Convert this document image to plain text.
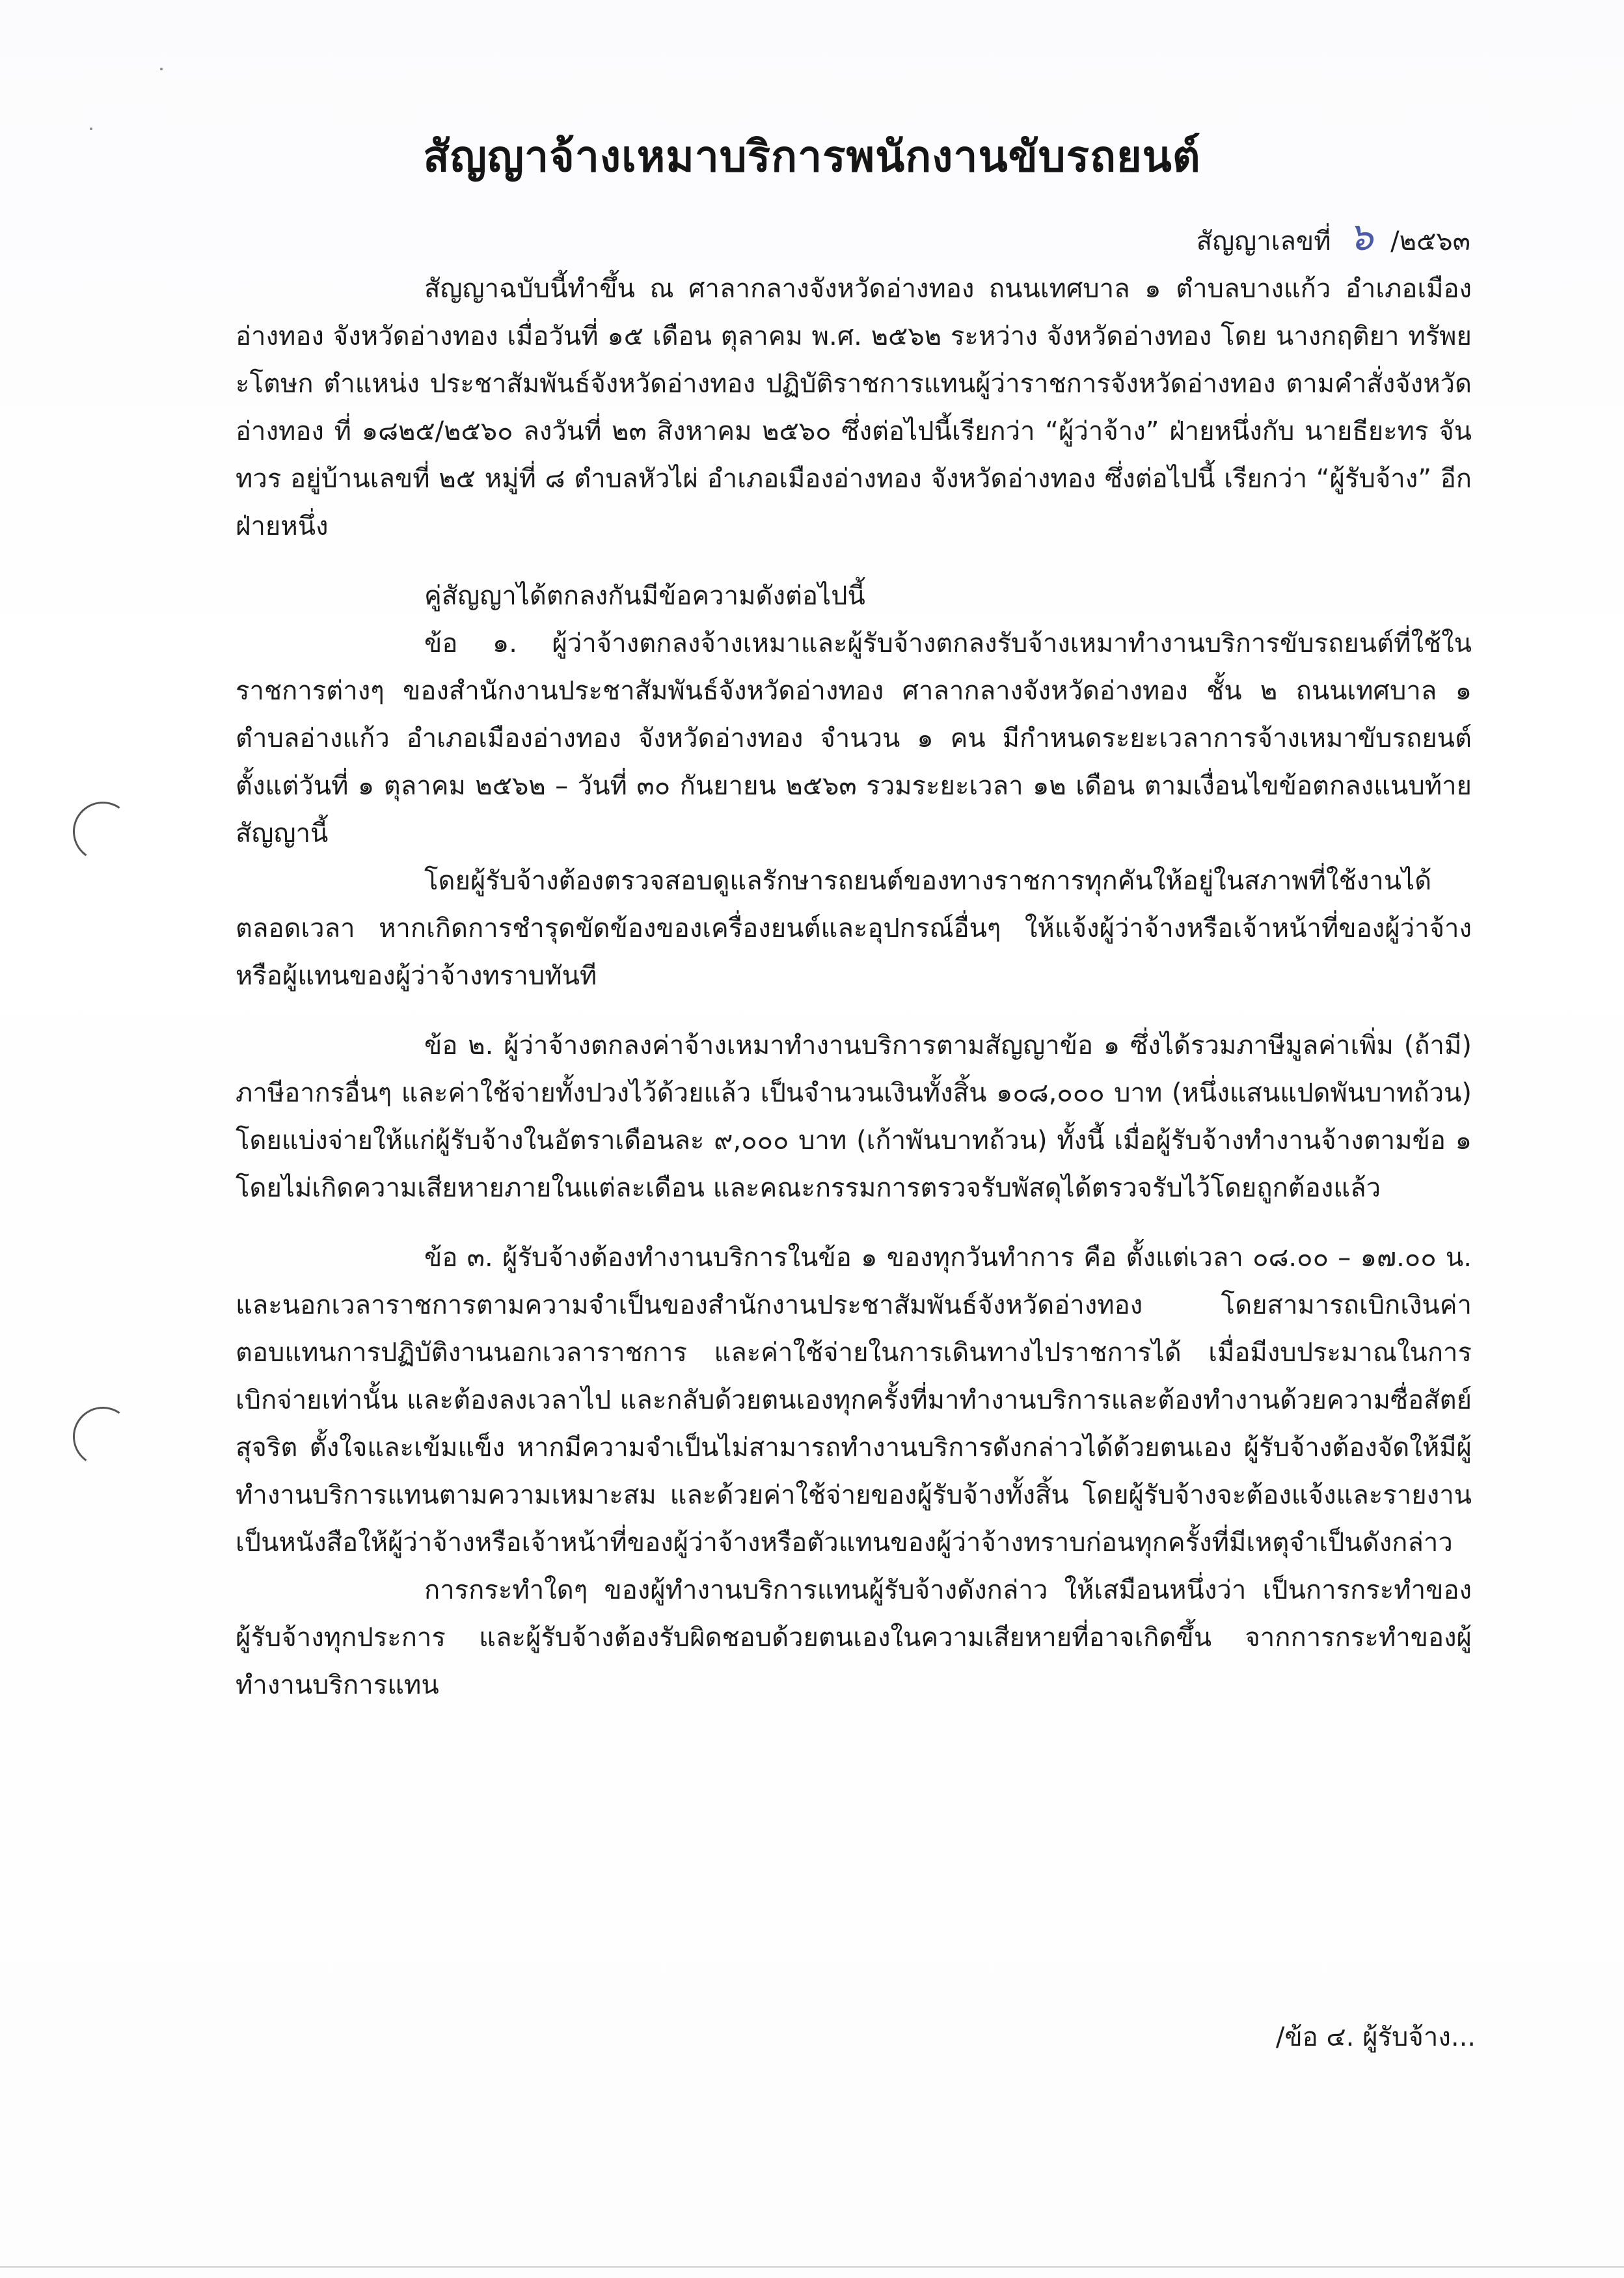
สัญญาจ้างเหมาบริการพนักงานขับรถยนต์
สัญญาเลขที่ ๖ /๒๕๖๓

สัญญาฉบับนี้ทำขึ้น ณ ศาลากลางจังหวัดอ่างทอง ถนนเทศบาล ๑ ตำบลบางแก้ว อำเภอเมืองอ่างทอง จังหวัดอ่างทอง เมื่อวันที่ ๑๕ เดือน ตุลาคม พ.ศ. ๒๕๖๒ ระหว่าง จังหวัดอ่างทอง โดย นางกฤติยา ทรัพยะโตษก ตำแหน่ง ประชาสัมพันธ์จังหวัดอ่างทอง ปฏิบัติราชการแทนผู้ว่าราชการจังหวัดอ่างทอง ตามคำสั่งจังหวัดอ่างทอง ที่ ๑๘๒๕/๒๕๖๐ ลงวันที่ ๒๓ สิงหาคม ๒๕๖๐ ซึ่งต่อไปนี้เรียกว่า “ผู้ว่าจ้าง” ฝ่ายหนึ่งกับ นายธียะทร จันทวร อยู่บ้านเลขที่ ๒๕ หมู่ที่ ๘ ตำบลหัวไผ่ อำเภอเมืองอ่างทอง จังหวัดอ่างทอง ซึ่งต่อไปนี้ เรียกว่า “ผู้รับจ้าง” อีกฝ่ายหนึ่ง

คู่สัญญาได้ตกลงกันมีข้อความดังต่อไปนี้

ข้อ ๑. ผู้ว่าจ้างตกลงจ้างเหมาและผู้รับจ้างตกลงรับจ้างเหมาทำงานบริการขับรถยนต์ที่ใช้ในราชการต่างๆ ของสำนักงานประชาสัมพันธ์จังหวัดอ่างทอง ศาลากลางจังหวัดอ่างทอง ชั้น ๒ ถนนเทศบาล ๑ ตำบลอ่างแก้ว อำเภอเมืองอ่างทอง จังหวัดอ่างทอง จำนวน ๑ คน มีกำหนดระยะเวลาการจ้างเหมาขับรถยนต์ ตั้งแต่วันที่ ๑ ตุลาคม ๒๕๖๒ – วันที่ ๓๐ กันยายน ๒๕๖๓ รวมระยะเวลา ๑๒ เดือน ตามเงื่อนไขข้อตกลงแนบท้ายสัญญานี้

โดยผู้รับจ้างต้องตรวจสอบดูแลรักษารถยนต์ของทางราชการทุกคันให้อยู่ในสภาพที่ใช้งานได้ตลอดเวลา หากเกิดการชำรุดขัดข้องของเครื่องยนต์และอุปกรณ์อื่นๆ ให้แจ้งผู้ว่าจ้างหรือเจ้าหน้าที่ของผู้ว่าจ้างหรือผู้แทนของผู้ว่าจ้างทราบทันที

ข้อ ๒. ผู้ว่าจ้างตกลงค่าจ้างเหมาทำงานบริการตามสัญญาข้อ ๑ ซึ่งได้รวมภาษีมูลค่าเพิ่ม (ถ้ามี) ภาษีอากรอื่นๆ และค่าใช้จ่ายทั้งปวงไว้ด้วยแล้ว เป็นจำนวนเงินทั้งสิ้น ๑๐๘,๐๐๐ บาท (หนึ่งแสนแปดพันบาทถ้วน) โดยแบ่งจ่ายให้แก่ผู้รับจ้างในอัตราเดือนละ ๙,๐๐๐ บาท (เก้าพันบาทถ้วน) ทั้งนี้ เมื่อผู้รับจ้างทำงานจ้างตามข้อ ๑ โดยไม่เกิดความเสียหายภายในแต่ละเดือน และคณะกรรมการตรวจรับพัสดุได้ตรวจรับไว้โดยถูกต้องแล้ว

ข้อ ๓. ผู้รับจ้างต้องทำงานบริการในข้อ ๑ ของทุกวันทำการ คือ ตั้งแต่เวลา ๐๘.๐๐ – ๑๗.๐๐ น. และนอกเวลาราชการตามความจำเป็นของสำนักงานประชาสัมพันธ์จังหวัดอ่างทอง โดยสามารถเบิกเงินค่าตอบแทนการปฏิบัติงานนอกเวลาราชการ และค่าใช้จ่ายในการเดินทางไปราชการได้ เมื่อมีงบประมาณในการเบิกจ่ายเท่านั้น และต้องลงเวลาไป และกลับด้วยตนเองทุกครั้งที่มาทำงานบริการและต้องทำงานด้วยความซื่อสัตย์ สุจริต ตั้งใจและเข้มแข็ง หากมีความจำเป็นไม่สามารถทำงานบริการดังกล่าวได้ด้วยตนเอง ผู้รับจ้างต้องจัดให้มีผู้ทำงานบริการแทนตามความเหมาะสม และด้วยค่าใช้จ่ายของผู้รับจ้างทั้งสิ้น โดยผู้รับจ้างจะต้องแจ้งและรายงานเป็นหนังสือให้ผู้ว่าจ้างหรือเจ้าหน้าที่ของผู้ว่าจ้างหรือตัวแทนของผู้ว่าจ้างทราบก่อนทุกครั้งที่มีเหตุจำเป็นดังกล่าว

การกระทำใดๆ ของผู้ทำงานบริการแทนผู้รับจ้างดังกล่าว ให้เสมือนหนึ่งว่า เป็นการกระทำของผู้รับจ้างทุกประการ และผู้รับจ้างต้องรับผิดชอบด้วยตนเองในความเสียหายที่อาจเกิดขึ้น จากการกระทำของผู้ทำงานบริการแทน

/ข้อ ๔. ผู้รับจ้าง...
